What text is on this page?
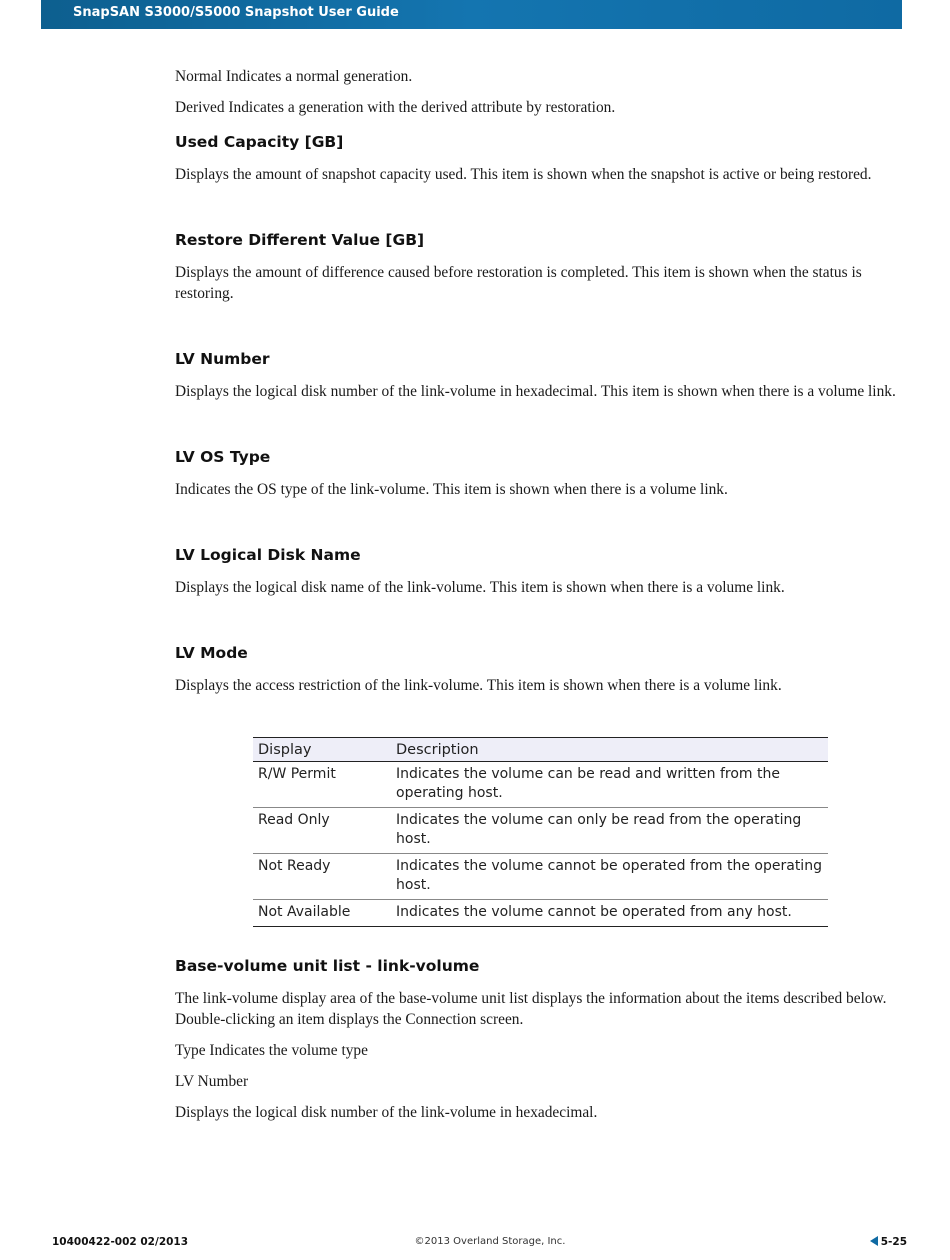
SnapSAN S3000/S5000 Snapshot User Guide

Normal Indicates a normal generation.

Derived Indicates a generation with the derived attribute by restoration.

Used Capacity [GB]

Displays the amount of snapshot capacity used. This item is shown when the snapshot is active or being restored.

Restore Different Value [GB]

Displays the amount of difference caused before restoration is completed. This item is shown when the status is restoring.

LV Number

Displays the logical disk number of the link-volume in hexadecimal. This item is shown when there is a volume link.

LV OS Type

Indicates the OS type of the link-volume. This item is shown when there is a volume link.

LV Logical Disk Name

Displays the logical disk name of the link-volume. This item is shown when there is a volume link.

LV Mode

Displays the access restriction of the link-volume. This item is shown when there is a volume link.

Display	Description
R/W Permit	Indicates the volume can be read and written from the operating host.
Read Only	Indicates the volume can only be read from the operating host.
Not Ready	Indicates the volume cannot be operated from the operating host.
Not Available	Indicates the volume cannot be operated from any host.
Base-volume unit list - link-volume

The link-volume display area of the base-volume unit list displays the information about the items described below. Double-clicking an item displays the Connection screen.

Type Indicates the volume type

LV Number

Displays the logical disk number of the link-volume in hexadecimal.

10400422-002 02/2013	©2013 Overland Storage, Inc.	5-25
